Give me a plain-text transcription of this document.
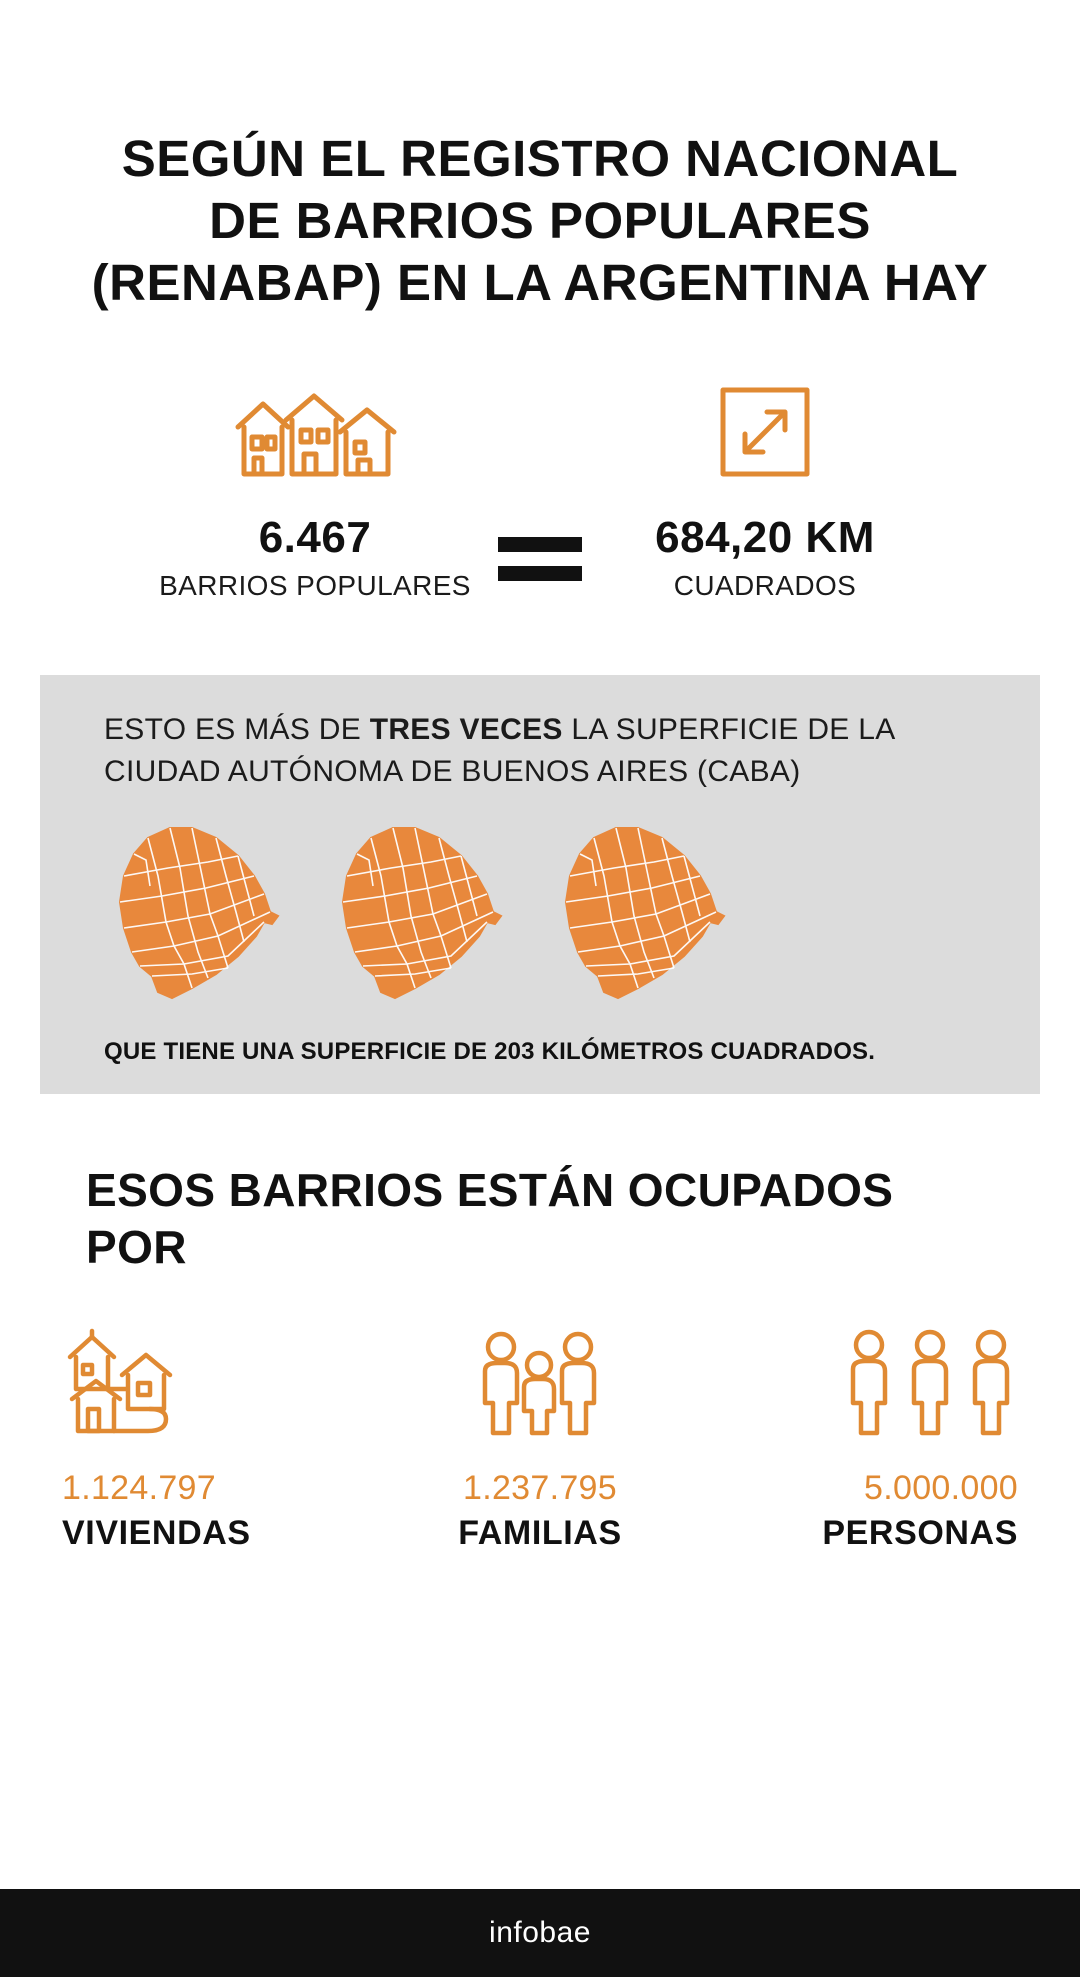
SEGÚN EL REGISTRO NACIONAL DE BARRIOS POPULARES (RENABAP) EN LA ARGENTINA HAY
6.467
BARRIOS POPULARES
684,20 KM
CUADRADOS
ESTO ES MÁS DE TRES VECES LA SUPERFICIE DE LA CIUDAD AUTÓNOMA DE BUENOS AIRES (CABA)
QUE TIENE UNA SUPERFICIE DE 203 KILÓMETROS CUADRADOS.
ESOS BARRIOS ESTÁN OCUPADOS POR
1.124.797
VIVIENDAS
1.237.795
FAMILIAS
5.000.000
PERSONAS
infobae
